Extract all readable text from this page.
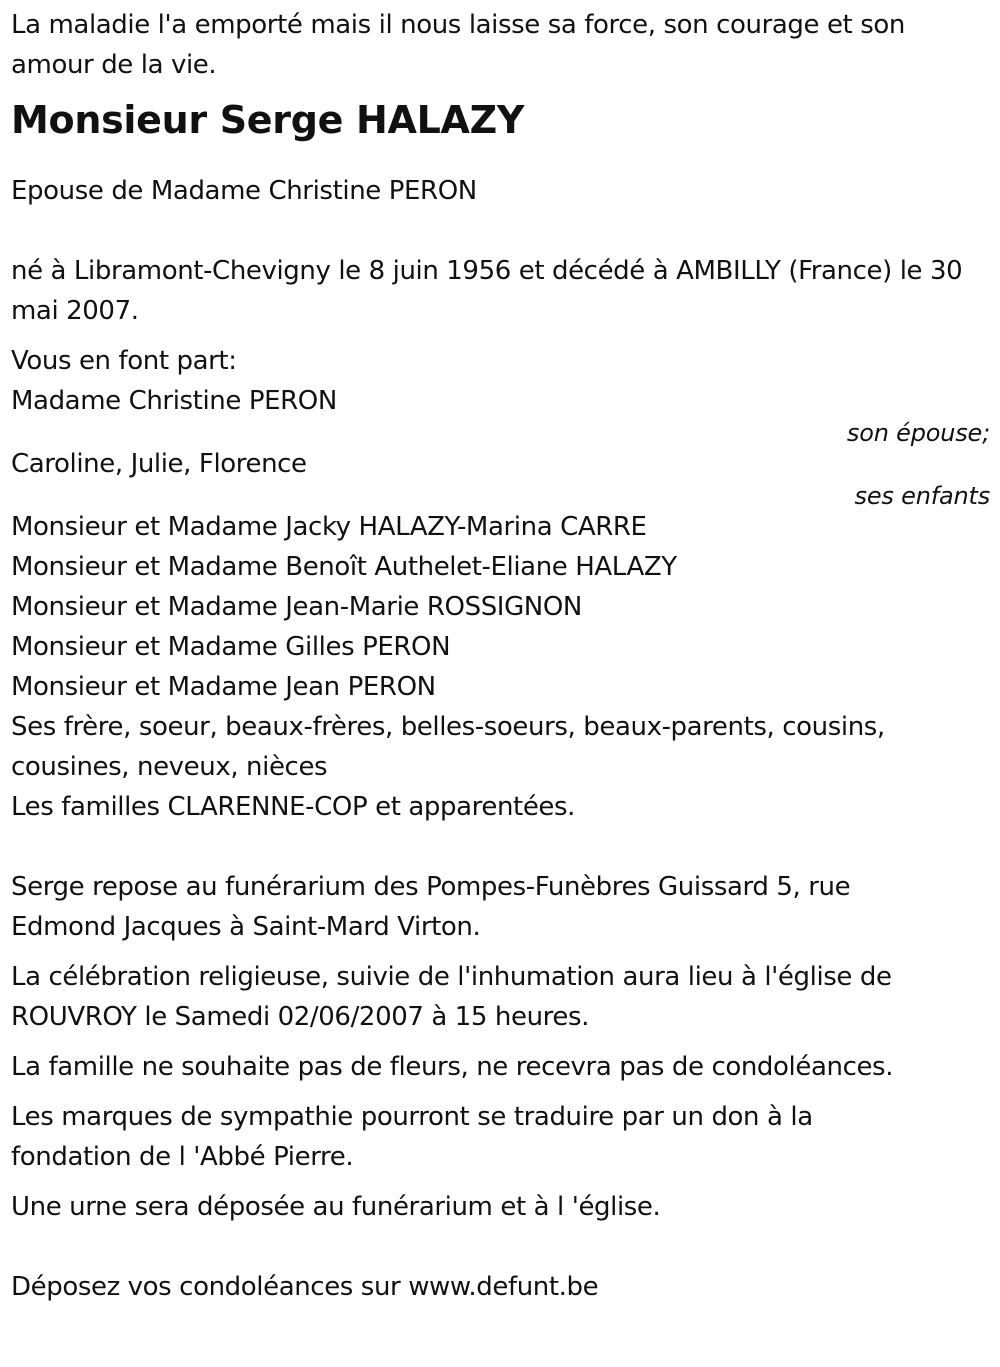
La maladie l'a emporté mais il nous laisse sa force, son courage et son amour de la vie.
Monsieur Serge HALAZY
Epouse de Madame Christine PERON
né à Libramont-Chevigny le 8 juin 1956 et décédé à AMBILLY (France) le 30 mai 2007.
Vous en font part:
Madame Christine PERON
son épouse;
Caroline, Julie, Florence
ses enfants
Monsieur et Madame Jacky HALAZY-Marina CARRE
Monsieur et Madame Benoît Authelet-Eliane HALAZY
Monsieur et Madame Jean-Marie ROSSIGNON
Monsieur et Madame Gilles PERON
Monsieur et Madame Jean PERON
Ses frère, soeur, beaux-frères, belles-soeurs, beaux-parents, cousins, cousines, neveux, nièces
Les familles CLARENNE-COP et apparentées.
Serge repose au funérarium des Pompes-Funèbres Guissard 5, rue Edmond Jacques à Saint-Mard Virton.
La célébration religieuse, suivie de l'inhumation aura lieu à l'église de ROUVROY le Samedi 02/06/2007 à 15 heures.
La famille ne souhaite pas de fleurs, ne recevra pas de condoléances.
Les marques de sympathie pourront se traduire par un don à la fondation de l 'Abbé Pierre.
Une urne sera déposée au funérarium et à l 'église.
Déposez vos condoléances sur www.defunt.be
